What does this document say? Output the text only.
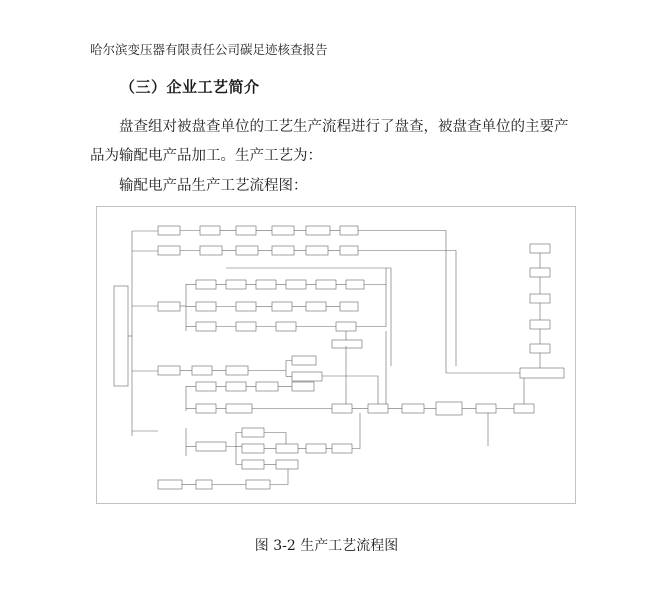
哈尔滨变压器有限责任公司碳足迹核查报告
（三）企业工艺简介
盘查组对被盘查单位的工艺生产流程进行了盘查，被盘查单位的主要产品为输配电产品加工。生产工艺为：
输配电产品生产工艺流程图：
图 3-2 生产工艺流程图
